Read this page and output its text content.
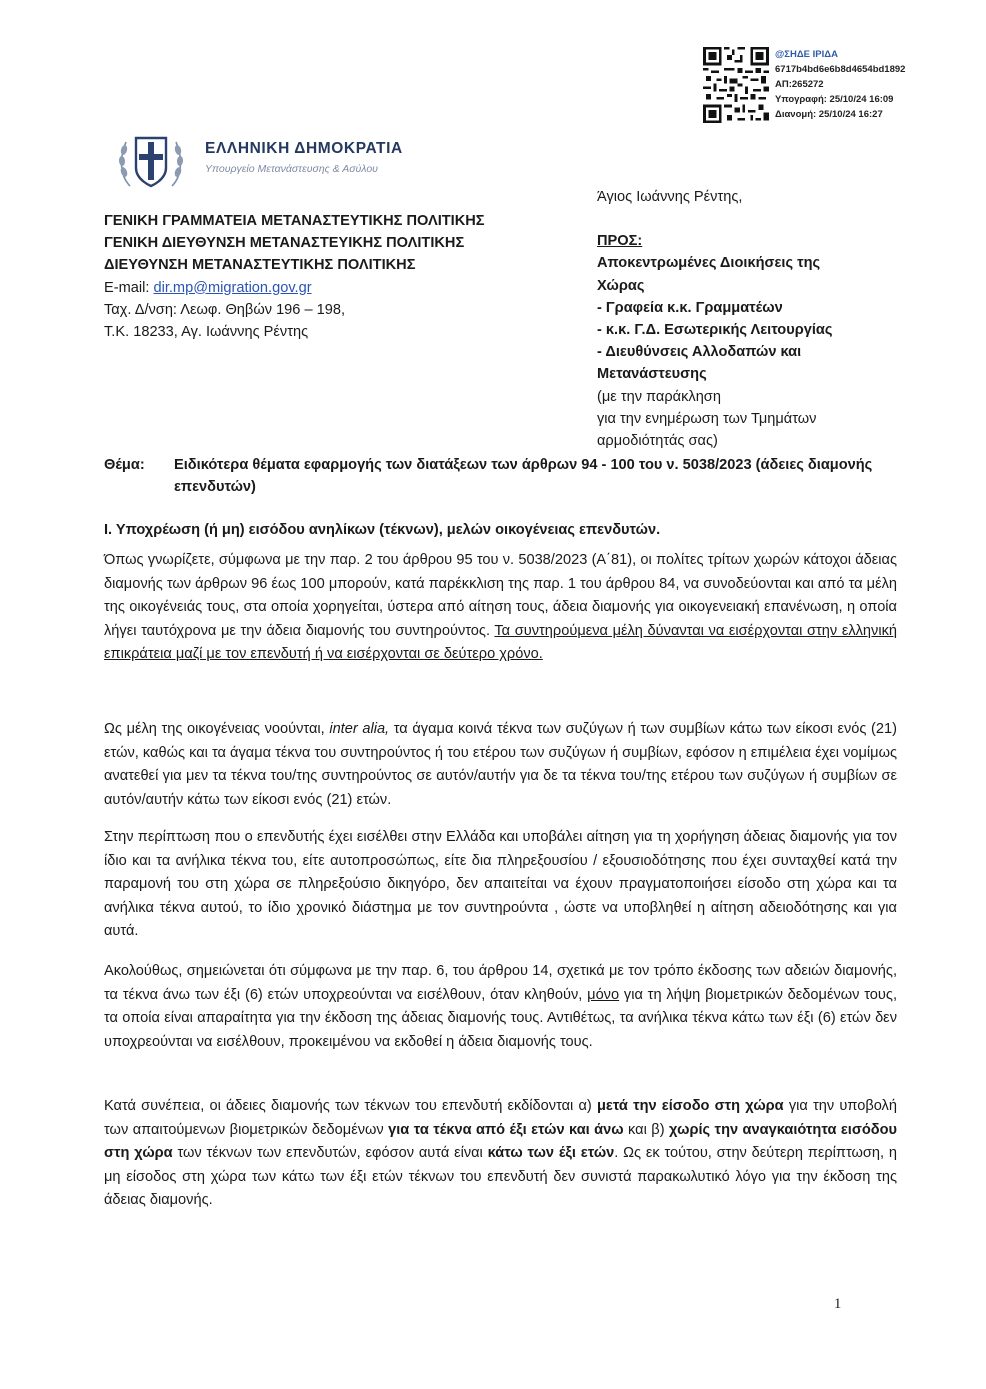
@ΣΗΔΕ ΙΡΙΔΑ
6717b4bd6e6b8d4654bd1892
ΑΠ:265272
Υπογραφή: 25/10/24 16:09
Διανομή: 25/10/24 16:27
ΕΛΛΗΝΙΚΗ ΔΗΜΟΚΡΑΤΙΑ
Υπουργείο Μετανάστευσης & Ασύλου
ΓΕΝΙΚΗ ΓΡΑΜΜΑΤΕΙΑ ΜΕΤΑΝΑΣΤΕΥΤΙΚΗΣ ΠΟΛΙΤΙΚΗΣ
ΓΕΝΙΚΗ ΔΙΕΥΘΥΝΣΗ ΜΕΤΑΝΑΣΤΕΥΙΚΗΣ ΠΟΛΙΤΙΚΗΣ
ΔΙΕΥΘΥΝΣΗ ΜΕΤΑΝΑΣΤΕΥΤΙΚΗΣ ΠΟΛΙΤΙΚΗΣ
E-mail: dir.mp@migration.gov.gr
Ταχ. Δ/νση: Λεωφ. Θηβών 196 – 198,
Τ.Κ. 18233, Αγ. Ιωάννης Ρέντης
Άγιος Ιωάννης Ρέντης,
ΠΡΟΣ:
Αποκεντρωμένες Διοικήσεις της
Χώρας
- Γραφεία κ.κ. Γραμματέων
- κ.κ. Γ.Δ. Εσωτερικής Λειτουργίας
- Διευθύνσεις Αλλοδαπών και
Μετανάστευσης
(με την παράκληση
για την ενημέρωση των Τμημάτων
αρμοδιότητάς σας)
Θέμα: Ειδικότερα θέματα εφαρμογής των διατάξεων των άρθρων 94 - 100 του ν. 5038/2023 (άδειες διαμονής επενδυτών)
Ι. Υποχρέωση (ή μη) εισόδου ανηλίκων (τέκνων), μελών οικογένειας επενδυτών.
Όπως γνωρίζετε, σύμφωνα με την παρ. 2 του άρθρου 95 του ν. 5038/2023 (Α΄81), οι πολίτες τρίτων χωρών κάτοχοι άδειας διαμονής των άρθρων 96 έως 100 μπορούν, κατά παρέκκλιση της παρ. 1 του άρθρου 84, να συνοδεύονται και από τα μέλη της οικογένειάς τους, στα οποία χορηγείται, ύστερα από αίτηση τους, άδεια διαμονής για οικογενειακή επανένωση, η οποία λήγει ταυτόχρονα με την άδεια διαμονής του συντηρούντος. Τα συντηρούμενα μέλη δύνανται να εισέρχονται στην ελληνική επικράτεια μαζί με τον επενδυτή ή να εισέρχονται σε δεύτερο χρόνο.
Ως μέλη της οικογένειας νοούνται, inter alia, τα άγαμα κοινά τέκνα των συζύγων ή των συμβίων κάτω των είκοσι ενός (21) ετών, καθώς και τα άγαμα τέκνα του συντηρούντος ή του ετέρου των συζύγων ή συμβίων, εφόσον η επιμέλεια έχει νομίμως ανατεθεί για μεν τα τέκνα του/της συντηρούντος σε αυτόν/αυτήν για δε τα τέκνα του/της ετέρου των συζύγων ή συμβίων σε αυτόν/αυτήν κάτω των είκοσι ενός (21) ετών.
Στην περίπτωση που ο επενδυτής έχει εισέλθει στην Ελλάδα και υποβάλει αίτηση για τη χορήγηση άδειας διαμονής για τον ίδιο και τα ανήλικα τέκνα του, είτε αυτοπροσώπως, είτε δια πληρεξουσίου / εξουσιοδότησης που έχει συνταχθεί κατά την παραμονή του στη χώρα σε πληρεξούσιο δικηγόρο, δεν απαιτείται να έχουν πραγματοποιήσει είσοδο στη χώρα και τα ανήλικα τέκνα αυτού, το ίδιο χρονικό διάστημα με τον συντηρούντα , ώστε να υποβληθεί η αίτηση αδειοδότησης και για αυτά.
Ακολούθως, σημειώνεται ότι σύμφωνα με την παρ. 6, του άρθρου 14, σχετικά με τον τρόπο έκδοσης των αδειών διαμονής, τα τέκνα άνω των έξι (6) ετών υποχρεούνται να εισέλθουν, όταν κληθούν, μόνο για τη λήψη βιομετρικών δεδομένων τους, τα οποία είναι απαραίτητα για την έκδοση της άδειας διαμονής τους. Αντιθέτως, τα ανήλικα τέκνα κάτω των έξι (6) ετών δεν υποχρεούνται να εισέλθουν, προκειμένου να εκδοθεί η άδεια διαμονής τους.
Κατά συνέπεια, οι άδειες διαμονής των τέκνων του επενδυτή εκδίδονται α) μετά την είσοδο στη χώρα για την υποβολή των απαιτούμενων βιομετρικών δεδομένων για τα τέκνα από έξι ετών και άνω και β) χωρίς την αναγκαιότητα εισόδου στη χώρα των τέκνων των επενδυτών, εφόσον αυτά είναι κάτω των έξι ετών. Ως εκ τούτου, στην δεύτερη περίπτωση, η μη είσοδος στη χώρα των κάτω των έξι ετών τέκνων του επενδυτή δεν συνιστά παρακωλυτικό λόγο για την έκδοση της άδειας διαμονής.
1
